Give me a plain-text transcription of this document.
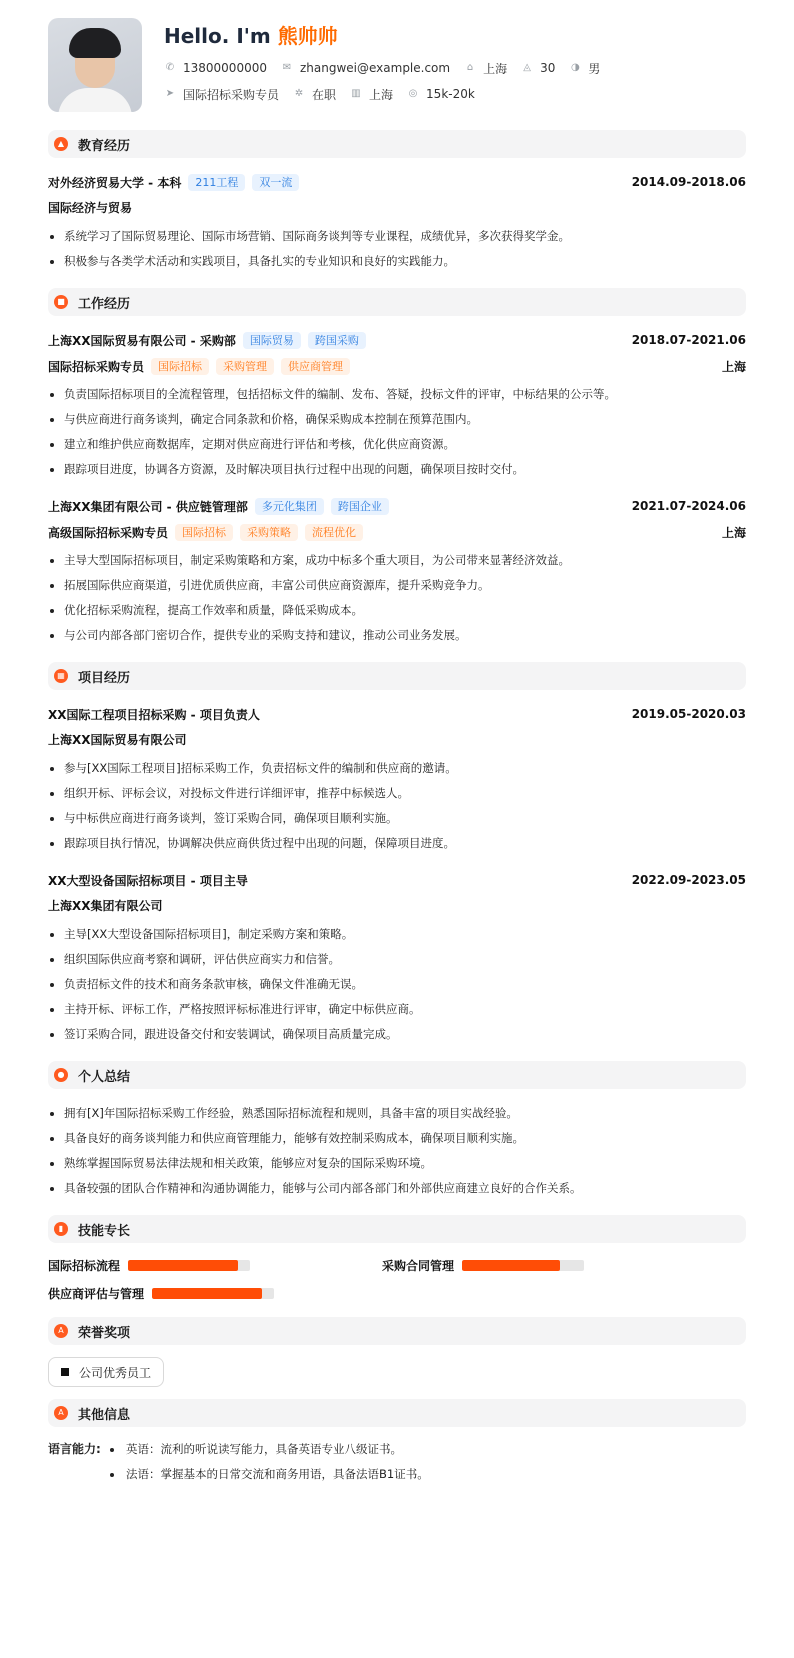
Hello. I'm 熊帅帅
✆ 13800000000 ✉ zhangwei@example.com ⌂ 上海 ◬ 30 ◑ 男
➤ 国际招标采购专员 ✲ 在职 ▥ 上海 ◎ 15k-20k
▲	教育经历
对外经济贸易大学 - 本科	211工程	双一流	2014.09-2018.06
国际经济与贸易
系统学习了国际贸易理论、国际市场营销、国际商务谈判等专业课程，成绩优异，多次获得奖学金。
积极参与各类学术活动和实践项目，具备扎实的专业知识和良好的实践能力。
■ 工作经历
上海XX国际贸易有限公司 - 采购部	国际贸易	跨国采购	2018.07-2021.06
国际招标采购专员	国际招标	采购管理	供应商管理	上海
负责国际招标项目的全流程管理，包括招标文件的编制、发布、答疑，投标文件的评审，中标结果的公示等。
与供应商进行商务谈判，确定合同条款和价格，确保采购成本控制在预算范围内。
建立和维护供应商数据库，定期对供应商进行评估和考核，优化供应商资源。
跟踪项目进度，协调各方资源，及时解决项目执行过程中出现的问题，确保项目按时交付。
上海XX集团有限公司 - 供应链管理部	多元化集团	跨国企业	2021.07-2024.06
高级国际招标采购专员	国际招标	采购策略	流程优化	上海
主导大型国际招标项目，制定采购策略和方案，成功中标多个重大项目，为公司带来显著经济效益。
拓展国际供应商渠道，引进优质供应商，丰富公司供应商资源库，提升采购竞争力。
优化招标采购流程，提高工作效率和质量，降低采购成本。
与公司内部各部门密切合作，提供专业的采购支持和建议，推动公司业务发展。
▦ 项目经历
XX国际工程项目招标采购 - 项目负责人	2019.05-2020.03
上海XX国际贸易有限公司
参与[XX国际工程项目]招标采购工作，负责招标文件的编制和供应商的邀请。
组织开标、评标会议，对投标文件进行详细评审，推荐中标候选人。
与中标供应商进行商务谈判，签订采购合同，确保项目顺利实施。
跟踪项目执行情况，协调解决供应商供货过程中出现的问题，保障项目进度。
XX大型设备国际招标项目 - 项目主导	2022.09-2023.05
上海XX集团有限公司
主导[XX大型设备国际招标项目]，制定采购方案和策略。
组织国际供应商考察和调研，评估供应商实力和信誉。
负责招标文件的技术和商务条款审核，确保文件准确无误。
主持开标、评标工作，严格按照评标标准进行评审，确定中标供应商。
签订采购合同，跟进设备交付和安装调试，确保项目高质量完成。
● 个人总结
拥有[X]年国际招标采购工作经验，熟悉国际招标流程和规则，具备丰富的项目实战经验。
具备良好的商务谈判能力和供应商管理能力，能够有效控制采购成本，确保项目顺利实施。
熟练掌握国际贸易法律法规和相关政策，能够应对复杂的国际采购环境。
具备较强的团队合作精神和沟通协调能力，能够与公司内部各部门和外部供应商建立良好的合作关系。
▮	技能专长
国际招标流程	采购合同管理
供应商评估与管理
A	荣誉奖项
公司优秀员工
A	其他信息
语言能力:	英语：流利的听说读写能力，具备英语专业八级证书。
法语：掌握基本的日常交流和商务用语，具备法语B1证书。
